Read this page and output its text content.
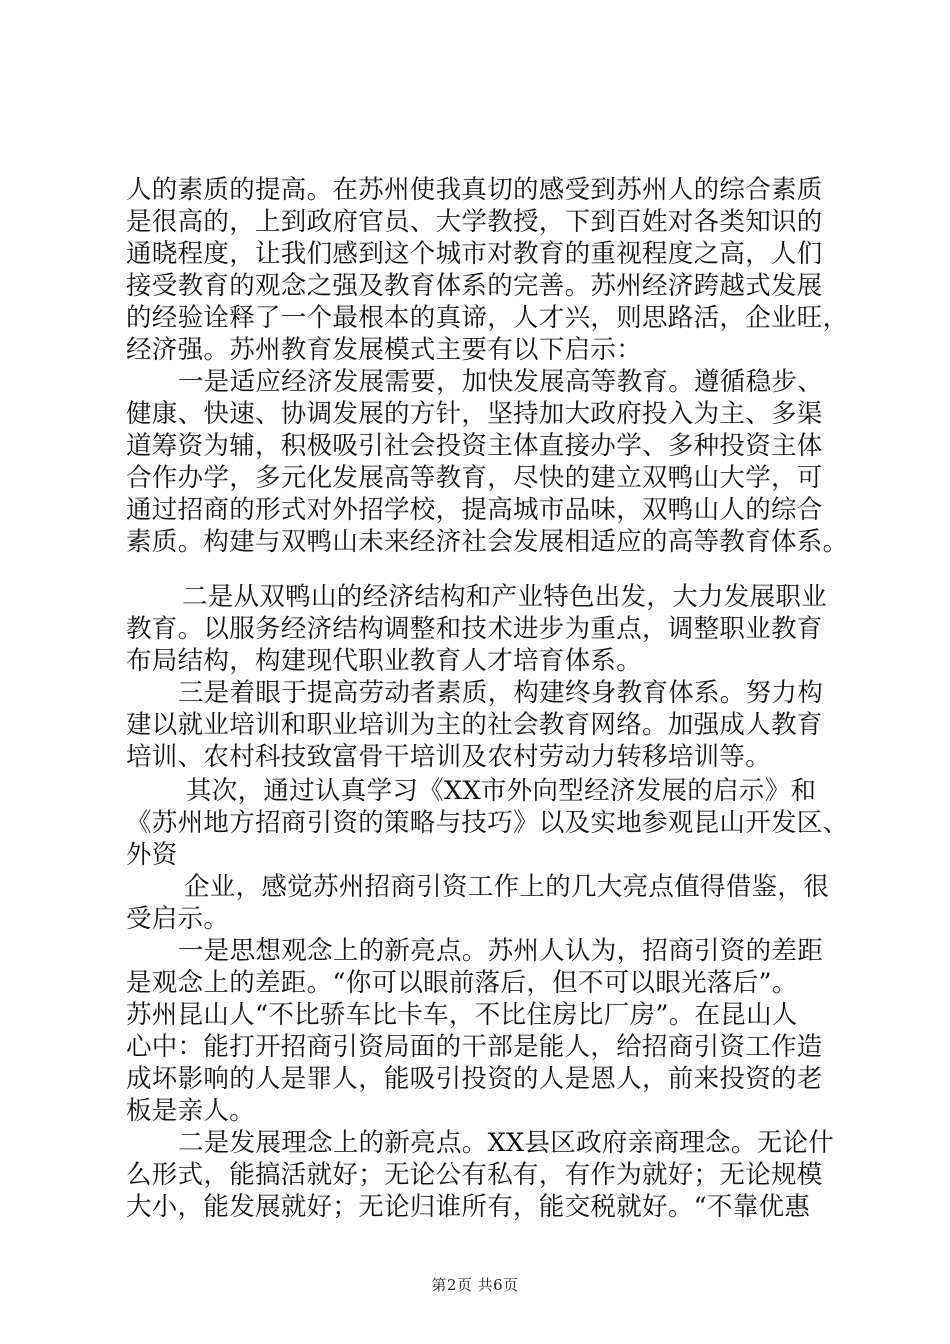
人的素质的提高。在苏州使我真切的感受到苏州人的综合素质
是很高的，上到政府官员、大学教授，下到百姓对各类知识的
通晓程度，让我们感到这个城市对教育的重视程度之高，人们
接受教育的观念之强及教育体系的完善。苏州经济跨越式发展
的经验诠释了一个最根本的真谛，人才兴，则思路活，企业旺，
经济强。苏州教育发展模式主要有以下启示：
一是适应经济发展需要，加快发展高等教育。遵循稳步、
健康、快速、协调发展的方针，坚持加大政府投入为主、多渠
道筹资为辅，积极吸引社会投资主体直接办学、多种投资主体
合作办学，多元化发展高等教育，尽快的建立双鸭山大学，可
通过招商的形式对外招学校，提高城市品味，双鸭山人的综合
素质。构建与双鸭山未来经济社会发展相适应的高等教育体系。
二是从双鸭山的经济结构和产业特色出发，大力发展职业
教育。以服务经济结构调整和技术进步为重点，调整职业教育
布局结构，构建现代职业教育人才培育体系。
三是着眼于提高劳动者素质，构建终身教育体系。努力构
建以就业培训和职业培训为主的社会教育网络。加强成人教育
培训、农村科技致富骨干培训及农村劳动力转移培训等。
其次，通过认真学习《XX市外向型经济发展的启示》和
《苏州地方招商引资的策略与技巧》以及实地参观昆山开发区、
外资
企业，感觉苏州招商引资工作上的几大亮点值得借鉴，很
受启示。
一是思想观念上的新亮点。苏州人认为，招商引资的差距
是观念上的差距。“你可以眼前落后，但不可以眼光落后”。
苏州昆山人“不比骄车比卡车，不比住房比厂房”。在昆山人
心中：能打开招商引资局面的干部是能人，给招商引资工作造
成坏影响的人是罪人，能吸引投资的人是恩人，前来投资的老
板是亲人。
二是发展理念上的新亮点。XX县区政府亲商理念。无论什
么形式，能搞活就好；无论公有私有，有作为就好；无论规模
大小，能发展就好；无论归谁所有，能交税就好。“不靠优惠
第2页 共6页
